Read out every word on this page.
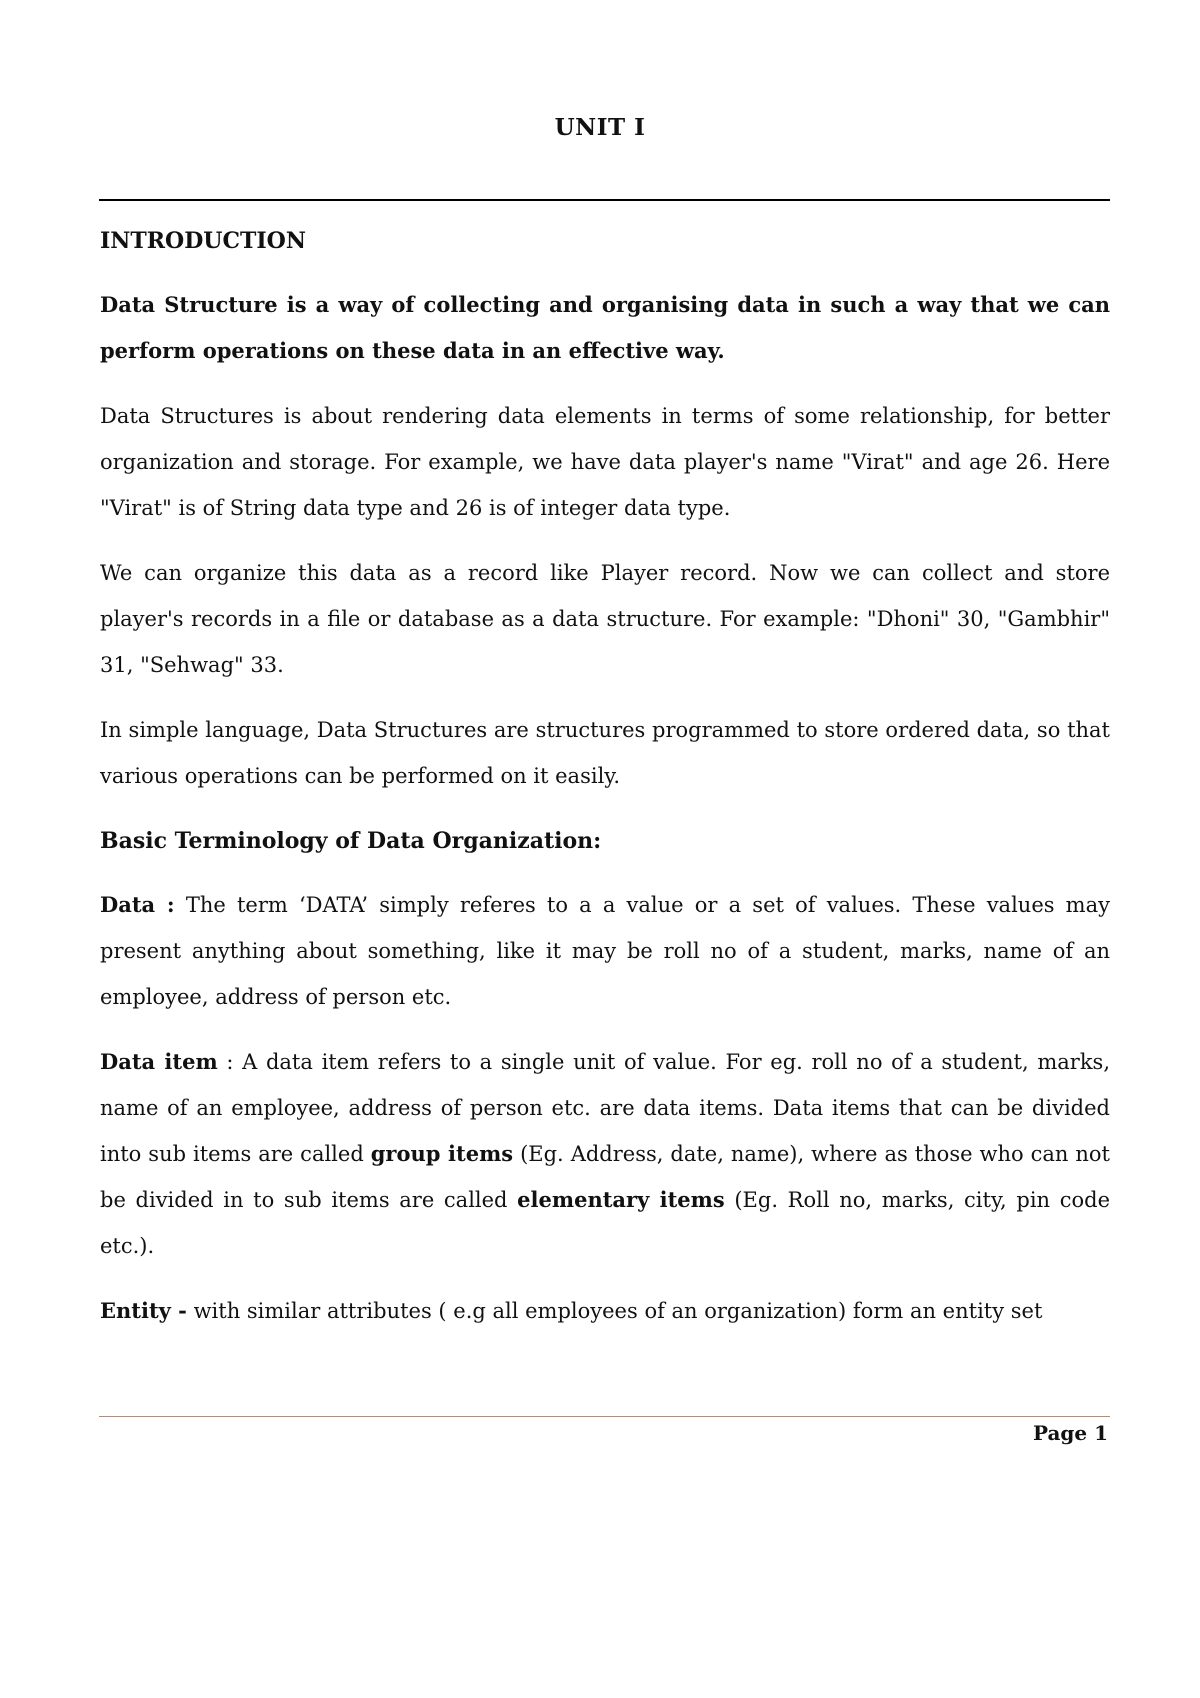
UNIT I
INTRODUCTION

Data Structure is a way of collecting and organising data in such a way that we can perform operations on these data in an effective way.

Data Structures is about rendering data elements in terms of some relationship, for better organization and storage. For example, we have data player's name "Virat" and age 26. Here "Virat" is of String data type and 26 is of integer data type.

We can organize this data as a record like Player record. Now we can collect and store player's records in a file or database as a data structure. For example: "Dhoni" 30, "Gambhir" 31, "Sehwag" 33.

In simple language, Data Structures are structures programmed to store ordered data, so that various operations can be performed on it easily.

Basic Terminology of Data Organization:

Data : The term ‘DATA’ simply referes to a a value or a set of values. These values may present anything about something, like it may be roll no of a student, marks, name of an employee, address of person etc.

Data item : A data item refers to a single unit of value. For eg. roll no of a student, marks, name of an employee, address of person etc. are data items. Data items that can be divided into sub items are called group items (Eg. Address, date, name), where as those who can not be divided in to sub items are called elementary items (Eg. Roll no, marks, city, pin code etc.).

Entity - with similar attributes ( e.g all employees of an organization) form an entity set

Page 1
